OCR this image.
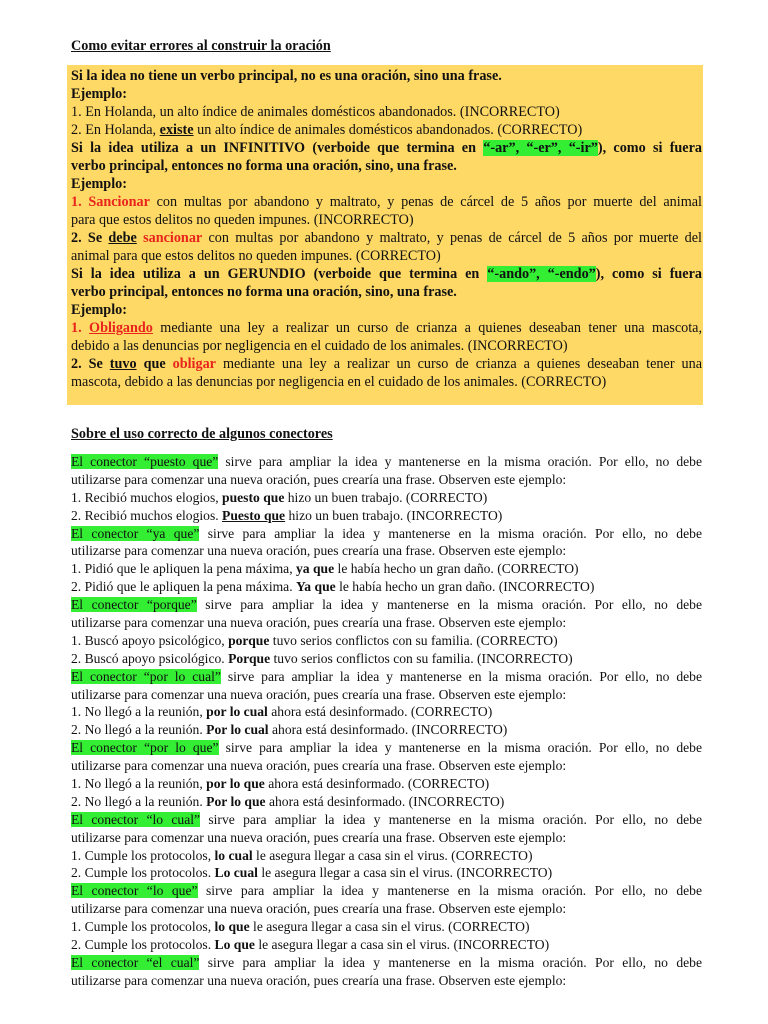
Como evitar errores al construir la oración
Si la idea no tiene un verbo principal, no es una oración, sino una frase.
Ejemplo:
1. En Holanda, un alto índice de animales domésticos abandonados. (INCORRECTO)
2. En Holanda, existe un alto índice de animales domésticos abandonados. (CORRECTO)
Si la idea utiliza a un INFINITIVO (verboide que termina en “-ar”, “-er”, “-ir”), como si fuera
verbo principal, entonces no forma una oración, sino, una frase.
Ejemplo:
1. Sancionar con multas por abandono y maltrato, y penas de cárcel de 5 años por muerte del animal
para que estos delitos no queden impunes. (INCORRECTO)
2. Se debe sancionar con multas por abandono y maltrato, y penas de cárcel de 5 años por muerte del
animal para que estos delitos no queden impunes. (CORRECTO)
Si la idea utiliza a un GERUNDIO (verboide que termina en “-ando”, “-endo”), como si fuera
verbo principal, entonces no forma una oración, sino, una frase.
Ejemplo:
1. Obligando mediante una ley a realizar un curso de crianza a quienes deseaban tener una mascota,
debido a las denuncias por negligencia en el cuidado de los animales. (INCORRECTO)
2. Se tuvo que obligar mediante una ley a realizar un curso de crianza a quienes deseaban tener una
mascota, debido a las denuncias por negligencia en el cuidado de los animales. (CORRECTO)
Sobre el uso correcto de algunos conectores
El conector “puesto que” sirve para ampliar la idea y mantenerse en la misma oración. Por ello, no debe
utilizarse para comenzar una nueva oración, pues crearía una frase. Observen este ejemplo:
1. Recibió muchos elogios, puesto que hizo un buen trabajo. (CORRECTO)
2. Recibió muchos elogios. Puesto que hizo un buen trabajo. (INCORRECTO)
El conector “ya que” sirve para ampliar la idea y mantenerse en la misma oración. Por ello, no debe
utilizarse para comenzar una nueva oración, pues crearía una frase. Observen este ejemplo:
1. Pidió que le apliquen la pena máxima, ya que le había hecho un gran daño. (CORRECTO)
2. Pidió que le apliquen la pena máxima. Ya que le había hecho un gran daño. (INCORRECTO)
El conector “porque” sirve para ampliar la idea y mantenerse en la misma oración. Por ello, no debe
utilizarse para comenzar una nueva oración, pues crearía una frase. Observen este ejemplo:
1. Buscó apoyo psicológico, porque tuvo serios conflictos con su familia. (CORRECTO)
2. Buscó apoyo psicológico. Porque tuvo serios conflictos con su familia. (INCORRECTO)
El conector “por lo cual” sirve para ampliar la idea y mantenerse en la misma oración. Por ello, no debe
utilizarse para comenzar una nueva oración, pues crearía una frase. Observen este ejemplo:
1. No llegó a la reunión, por lo cual ahora está desinformado. (CORRECTO)
2. No llegó a la reunión. Por lo cual ahora está desinformado. (INCORRECTO)
El conector “por lo que” sirve para ampliar la idea y mantenerse en la misma oración. Por ello, no debe
utilizarse para comenzar una nueva oración, pues crearía una frase. Observen este ejemplo:
1. No llegó a la reunión, por lo que ahora está desinformado. (CORRECTO)
2. No llegó a la reunión. Por lo que ahora está desinformado. (INCORRECTO)
El conector “lo cual” sirve para ampliar la idea y mantenerse en la misma oración. Por ello, no debe
utilizarse para comenzar una nueva oración, pues crearía una frase. Observen este ejemplo:
1. Cumple los protocolos, lo cual le asegura llegar a casa sin el virus. (CORRECTO)
2. Cumple los protocolos. Lo cual le asegura llegar a casa sin el virus. (INCORRECTO)
El conector “lo que” sirve para ampliar la idea y mantenerse en la misma oración. Por ello, no debe
utilizarse para comenzar una nueva oración, pues crearía una frase. Observen este ejemplo:
1. Cumple los protocolos, lo que le asegura llegar a casa sin el virus. (CORRECTO)
2. Cumple los protocolos. Lo que le asegura llegar a casa sin el virus. (INCORRECTO)
El conector “el cual” sirve para ampliar la idea y mantenerse en la misma oración. Por ello, no debe
utilizarse para comenzar una nueva oración, pues crearía una frase. Observen este ejemplo:
